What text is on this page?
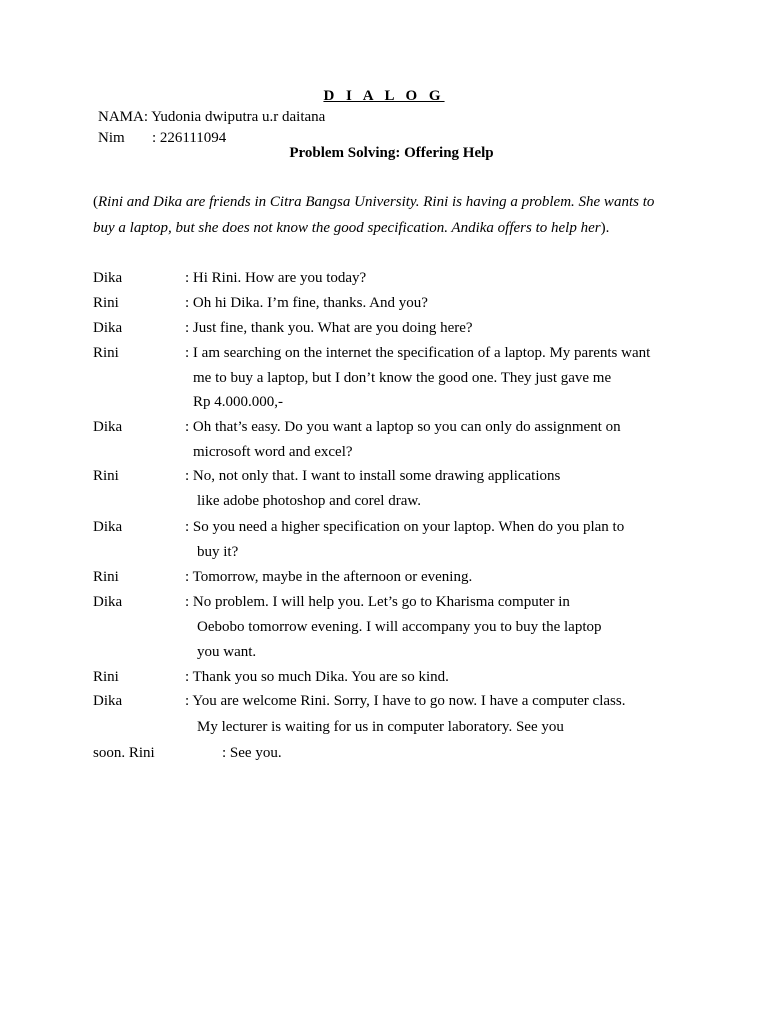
D I A L O G
NAMA: Yudonia dwiputra u.r daitana
Nim : 226111094
Problem Solving: Offering Help
(Rini and Dika are friends in Citra Bangsa University. Rini is having a problem. She wants to
buy a laptop, but she does not know the good specification. Andika offers to help her).
Dika	: Hi Rini. How are you today?
Rini	: Oh hi Dika. I’m fine, thanks. And you?
Dika	: Just fine, thank you. What are you doing here?
Rini	: I am searching on the internet the specification of a laptop. My parents want
me to buy a laptop, but I don’t know the good one. They just gave me
Rp 4.000.000,-
Dika	: Oh that’s easy. Do you want a laptop so you can only do assignment on
microsoft word and excel?
Rini	: No, not only that. I want to install some drawing applications
like adobe photoshop and corel draw.
Dika	: So you need a higher specification on your laptop. When do you plan to
buy it?
Rini	: Tomorrow, maybe in the afternoon or evening.
Dika	: No problem. I will help you. Let’s go to Kharisma computer in
Oebobo tomorrow evening. I will accompany you to buy the laptop
you want.
Rini	: Thank you so much Dika. You are so kind.
Dika	: You are welcome Rini. Sorry, I have to go now. I have a computer class.
My lecturer is waiting for us in computer laboratory. See you
soon. Rini	: See you.
